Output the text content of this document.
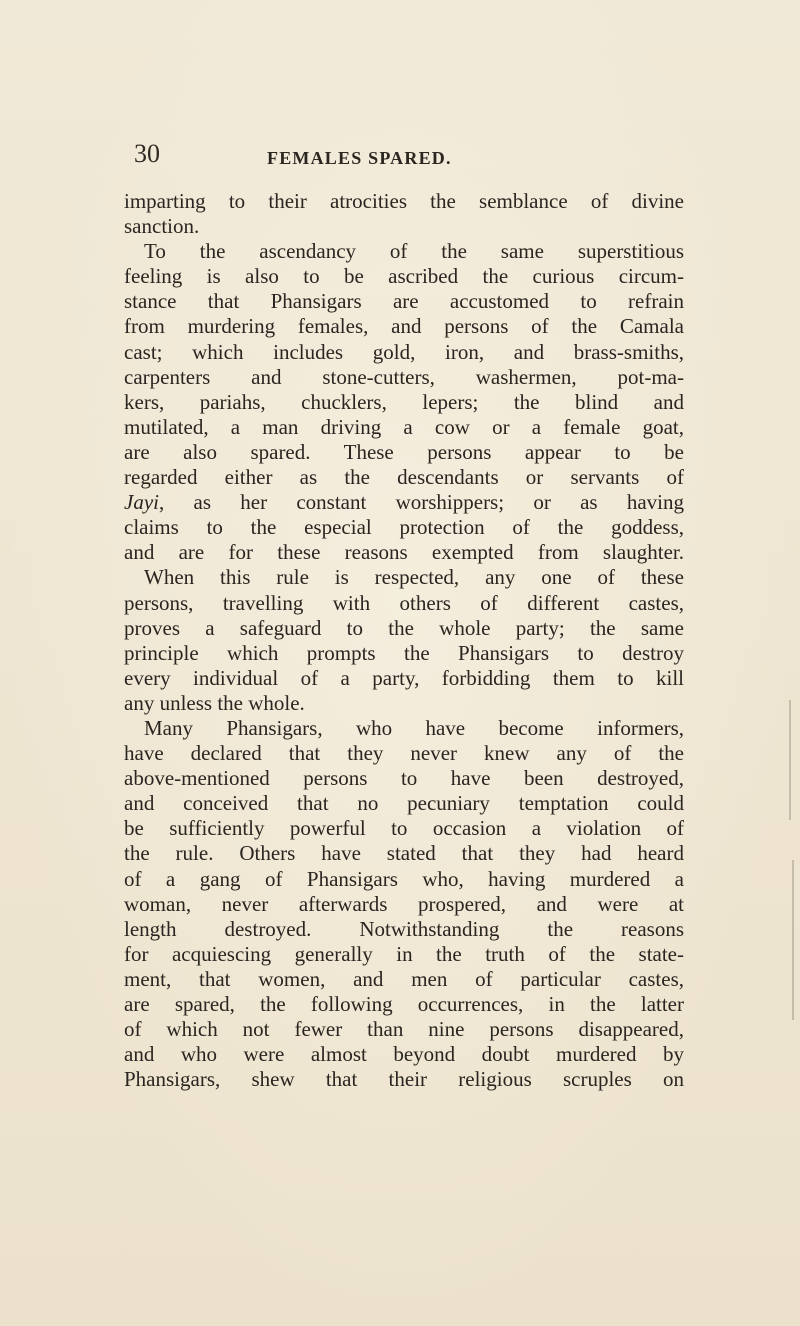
30	FEMALES SPARED.
imparting to their atrocities the semblance of divine
sanction.
To the ascendancy of the same superstitious
feeling is also to be ascribed the curious circum-
stance that Phansigars are accustomed to refrain
from murdering females, and persons of the Camala
cast; which includes gold, iron, and brass-smiths,
carpenters and stone-cutters, washermen, pot-ma-
kers, pariahs, chucklers, lepers; the blind and
mutilated, a man driving a cow or a female goat,
are also spared. These persons appear to be
regarded either as the descendants or servants of
Jayi, as her constant worshippers; or as having
claims to the especial protection of the goddess,
and are for these reasons exempted from slaughter.
When this rule is respected, any one of these
persons, travelling with others of different castes,
proves a safeguard to the whole party; the same
principle which prompts the Phansigars to destroy
every individual of a party, forbidding them to kill
any unless the whole.
Many Phansigars, who have become informers,
have declared that they never knew any of the
above-mentioned persons to have been destroyed,
and conceived that no pecuniary temptation could
be sufficiently powerful to occasion a violation of
the rule. Others have stated that they had heard
of a gang of Phansigars who, having murdered a
woman, never afterwards prospered, and were at
length destroyed. Notwithstanding the reasons
for acquiescing generally in the truth of the state-
ment, that women, and men of particular castes,
are spared, the following occurrences, in the latter
of which not fewer than nine persons disappeared,
and who were almost beyond doubt murdered by
Phansigars, shew that their religious scruples on
